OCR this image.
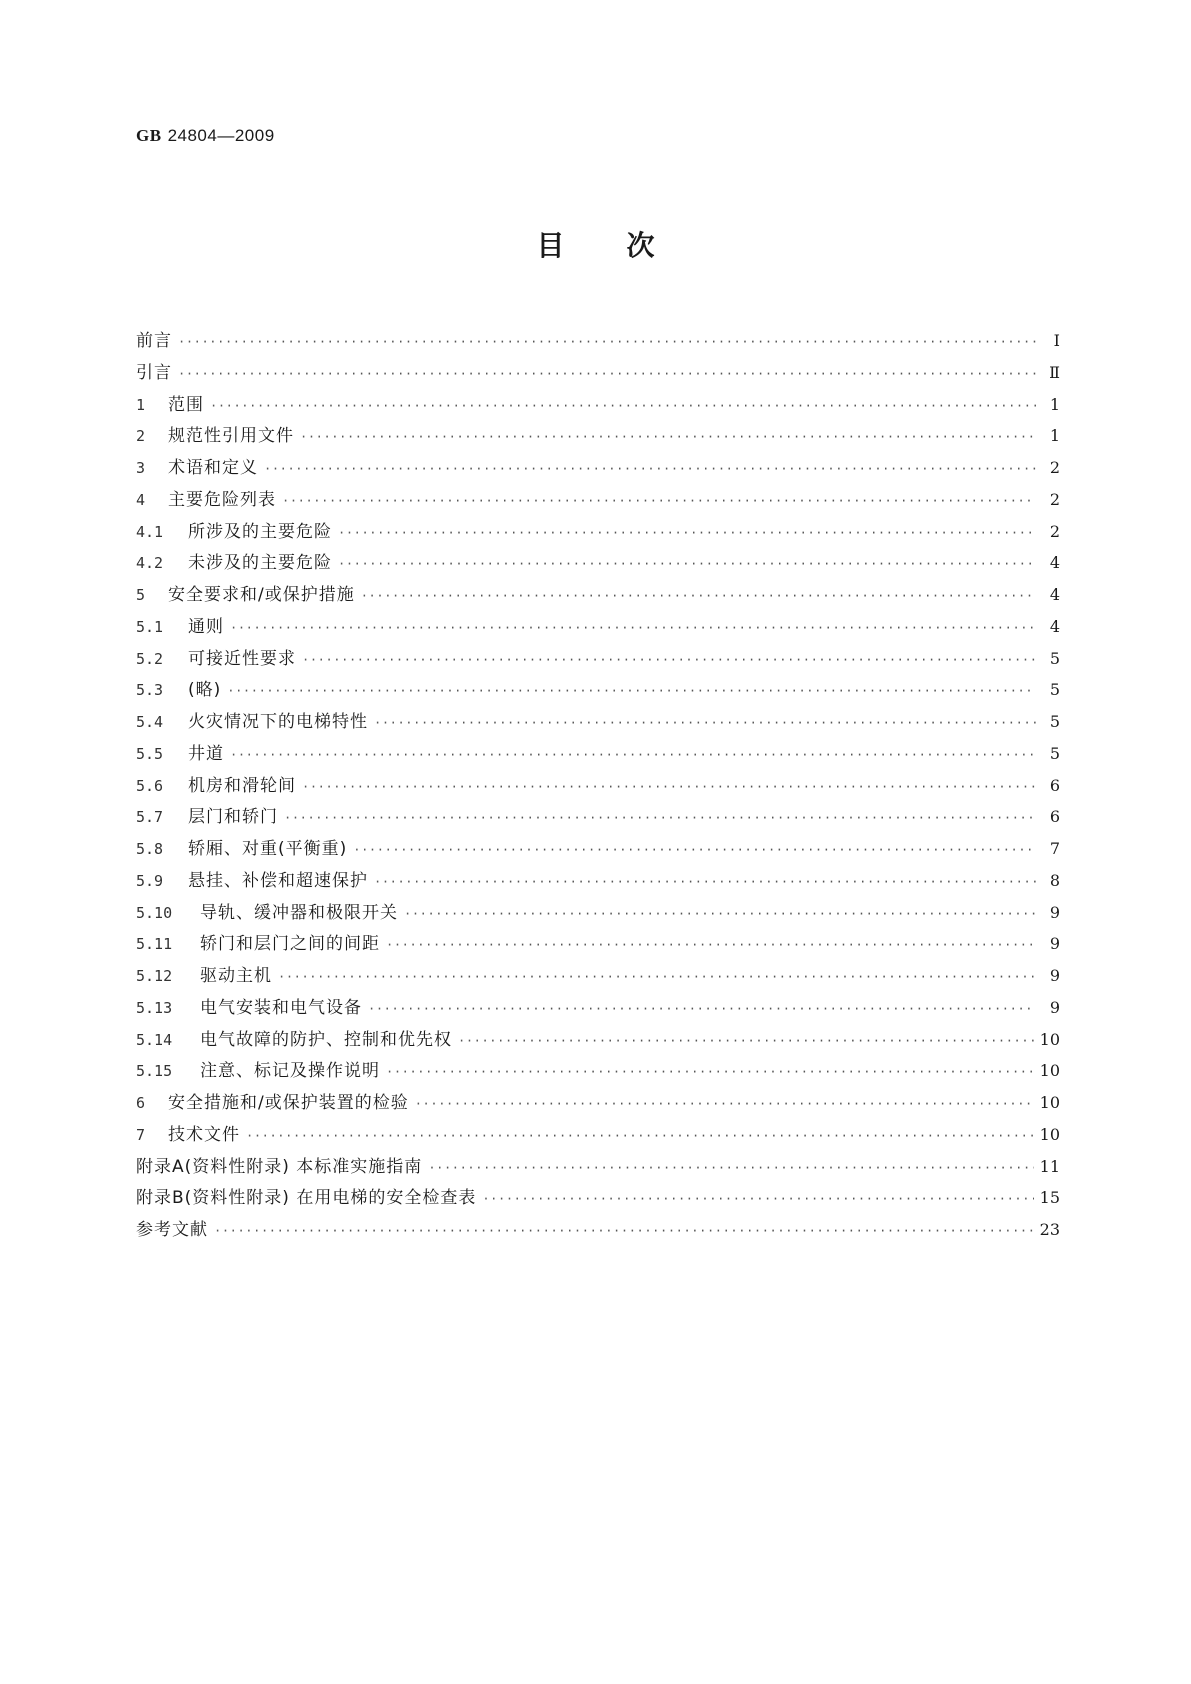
GB 24804—2009
目次
前言 ·····	Ⅰ
引言 ·····	Ⅱ
1	范围 ·····	1
2	规范性引用文件 ·····	1
3	术语和定义 ·····	2
4	主要危险列表 ·····	2
4.1	所涉及的主要危险 ·····	2
4.2	未涉及的主要危险 ·····	4
5	安全要求和/或保护措施 ·····	4
5.1	通则 ·····	4
5.2	可接近性要求 ·····	5
5.3	(略) ·····	5
5.4	火灾情况下的电梯特性 ·····	5
5.5	井道 ·····	5
5.6	机房和滑轮间 ·····	6
5.7	层门和轿门 ·····	6
5.8	轿厢、对重(平衡重) ·····	7
5.9	悬挂、补偿和超速保护 ·····	8
5.10	导轨、缓冲器和极限开关 ·····	9
5.11	轿门和层门之间的间距 ·····	9
5.12	驱动主机 ·····	9
5.13	电气安装和电气设备 ·····	9
5.14	电气故障的防护、控制和优先权 ·····	10
5.15	注意、标记及操作说明 ·····	10
6	安全措施和/或保护装置的检验 ·····	10
7	技术文件 ·····	10
附录A(资料性附录) 本标准实施指南 ·····	11
附录B(资料性附录) 在用电梯的安全检查表 ·····	15
参考文献 ·····	23
